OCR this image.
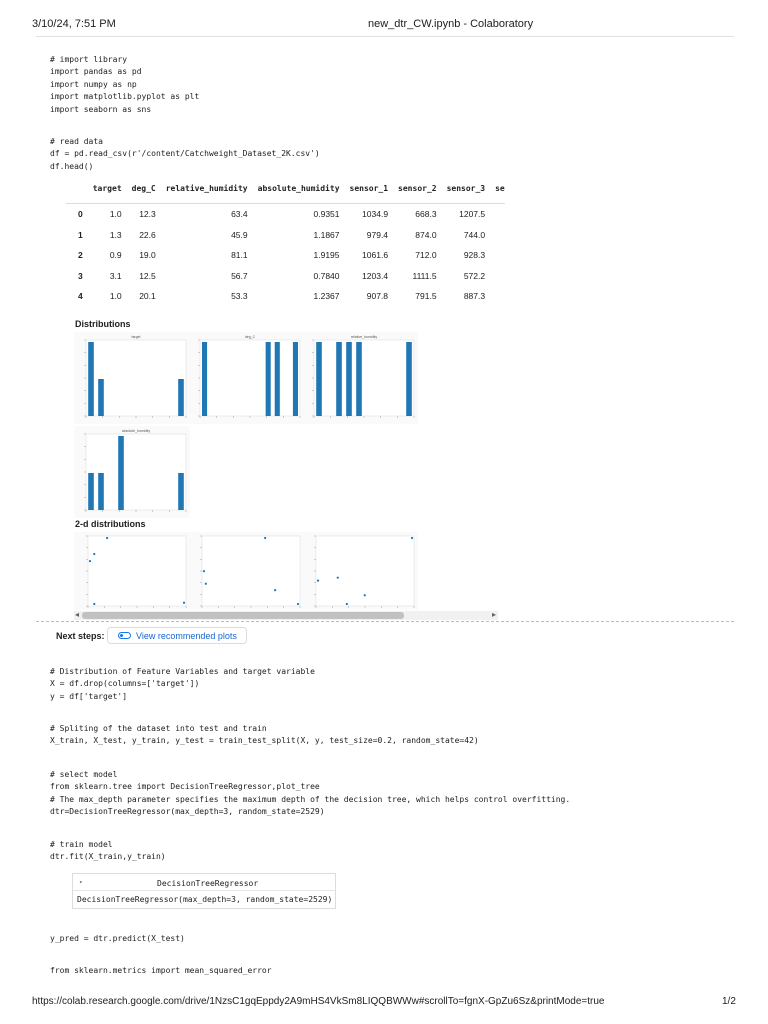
3/10/24, 7:51 PM	new_dtr_CW.ipynb - Colaboratory
# import library
import pandas as pd
import numpy as np
import matplotlib.pyplot as plt
import seaborn as sns
# read data
df = pd.read_csv(r'/content/Catchweight_Dataset_2K.csv')
df.head()
	target	deg_C	relative_humidity	absolute_humidity	sensor_1	sensor_2	sensor_3	se
0	1.0	12.3	63.4	0.9351	1034.9	668.3	1207.5	
1	1.3	22.6	45.9	1.1867	979.4	874.0	744.0	
2	0.9	19.0	81.1	1.9195	1061.6	712.0	928.3	
3	3.1	12.5	56.7	0.7840	1203.4	1111.5	572.2	
4	1.0	20.1	53.3	1.2367	907.8	791.5	887.3	
Distributions
target	deg_C	relative_humidity
absolute_humidity
2-d distributions
◂	▸
Next steps:	View recommended plots
# Distribution of Feature Variables and target variable
X = df.drop(columns=['target'])
y = df['target']
# Spliting of the dataset into test and train
X_train, X_test, y_train, y_test = train_test_split(X, y, test_size=0.2, random_state=42)
# select model
from sklearn.tree import DecisionTreeRegressor,plot_tree
# The max_depth parameter specifies the maximum depth of the decision tree, which helps control overfitting.
dtr=DecisionTreeRegressor(max_depth=3, random_state=2529)
# train model
dtr.fit(X_train,y_train)
▾	DecisionTreeRegressor
DecisionTreeRegressor(max_depth=3, random_state=2529)
y_pred = dtr.predict(X_test)
from sklearn.metrics import mean_squared_error
https://colab.research.google.com/drive/1NzsC1gqEppdy2A9mHS4VkSm8LIQQBWWw#scrollTo=fgnX-GpZu6Sz&printMode=true	1/2
